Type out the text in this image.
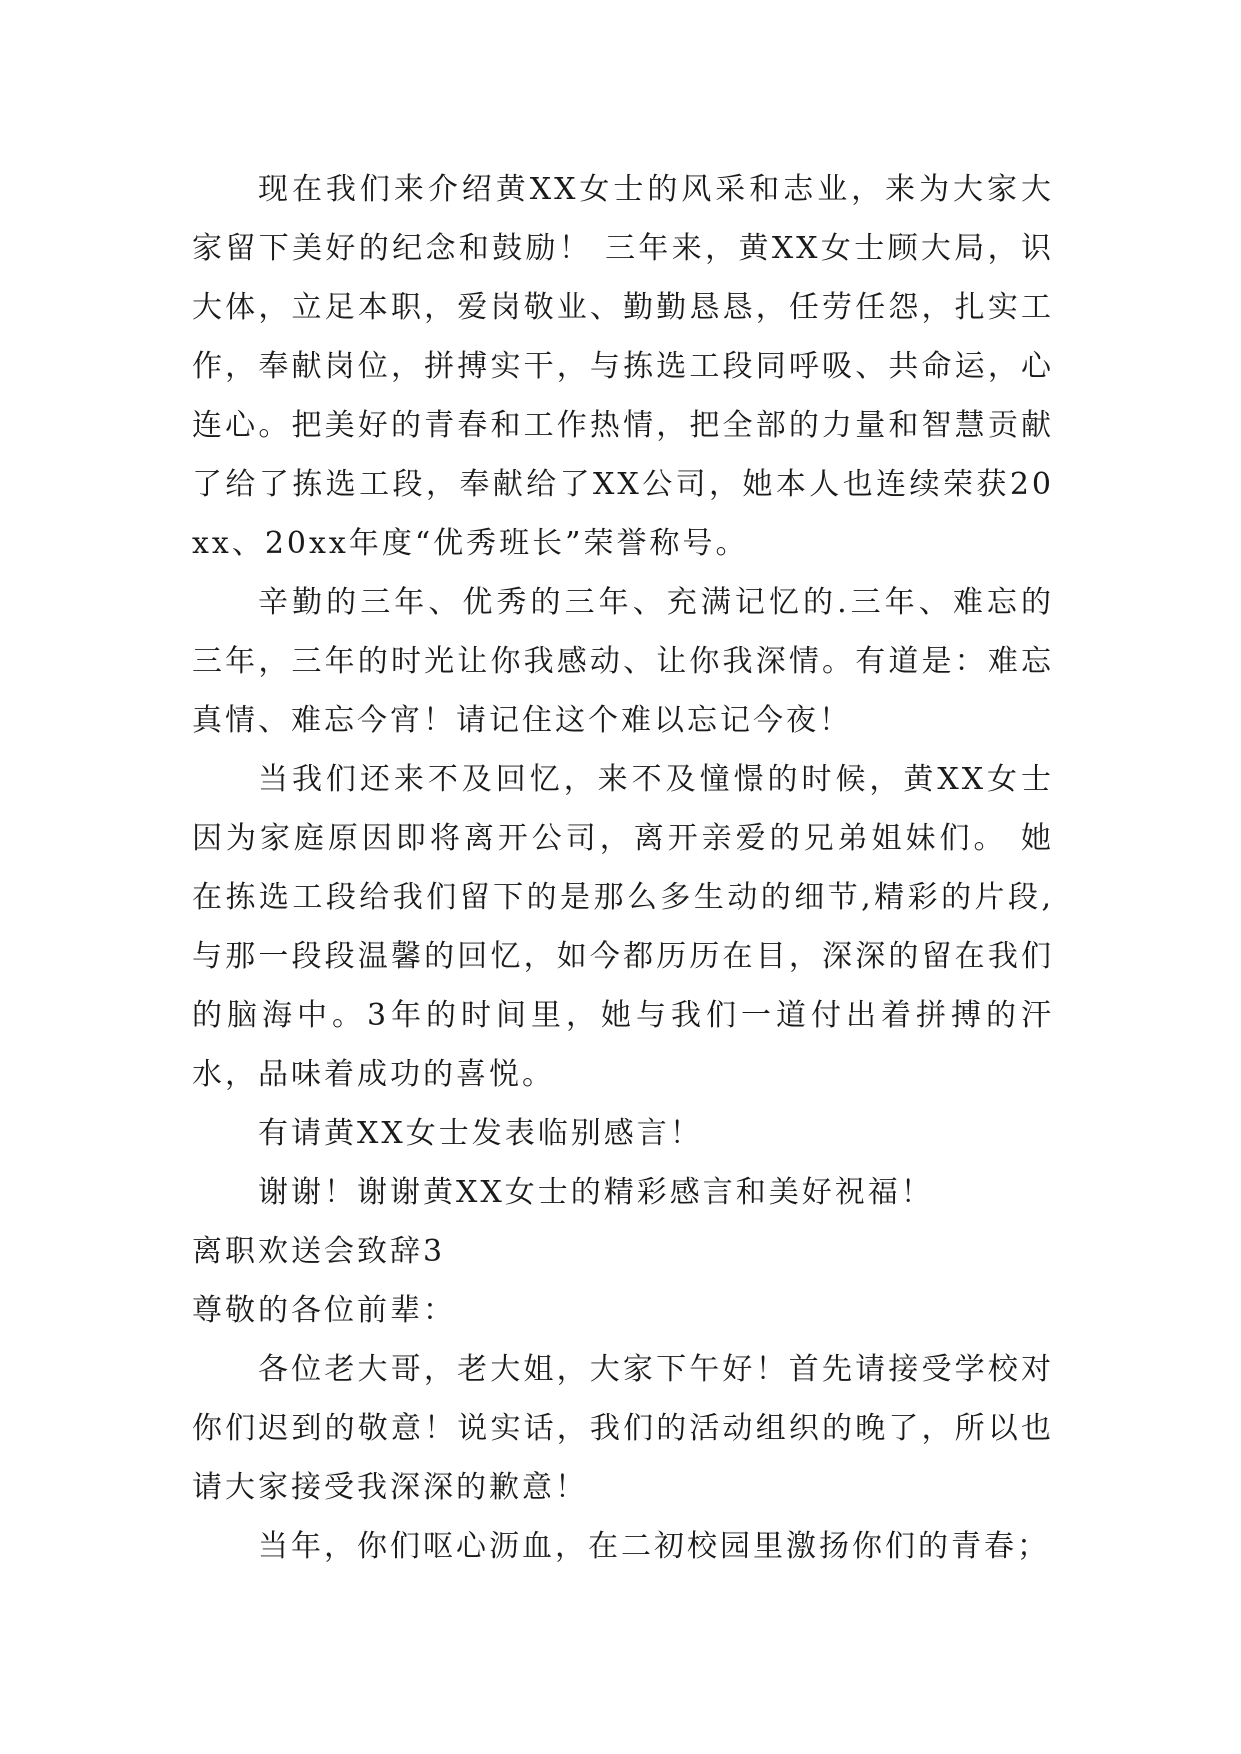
现在我们来介绍黄XX女士的风采和志业，来为大家大家留下美好的纪念和鼓励！ 三年来，黄XX女士顾大局，识大体，立足本职，爱岗敬业、勤勤恳恳，任劳任怨，扎实工作，奉献岗位，拼搏实干，与拣选工段同呼吸、共命运，心连心。把美好的青春和工作热情，把全部的力量和智慧贡献了给了拣选工段，奉献给了XX公司，她本人也连续荣获20xx、20xx年度“优秀班长”荣誉称号。

辛勤的三年、优秀的三年、充满记忆的.三年、难忘的三年，三年的时光让你我感动、让你我深情。有道是：难忘真情、难忘今宵！请记住这个难以忘记今夜！

当我们还来不及回忆，来不及憧憬的时候，黄XX女士因为家庭原因即将离开公司，离开亲爱的兄弟姐妹们。 她在拣选工段给我们留下的是那么多生动的细节,精彩的片段,与那一段段温馨的回忆，如今都历历在目，深深的留在我们的脑海中。3年的时间里，她与我们一道付出着拼搏的汗水，品味着成功的喜悦。

有请黄XX女士发表临别感言！

谢谢！谢谢黄XX女士的精彩感言和美好祝福！

离职欢送会致辞3

尊敬的各位前辈：

各位老大哥，老大姐，大家下午好！首先请接受学校对你们迟到的敬意！说实话，我们的活动组织的晚了，所以也请大家接受我深深的歉意！

当年，你们呕心沥血，在二初校园里激扬你们的青春；
